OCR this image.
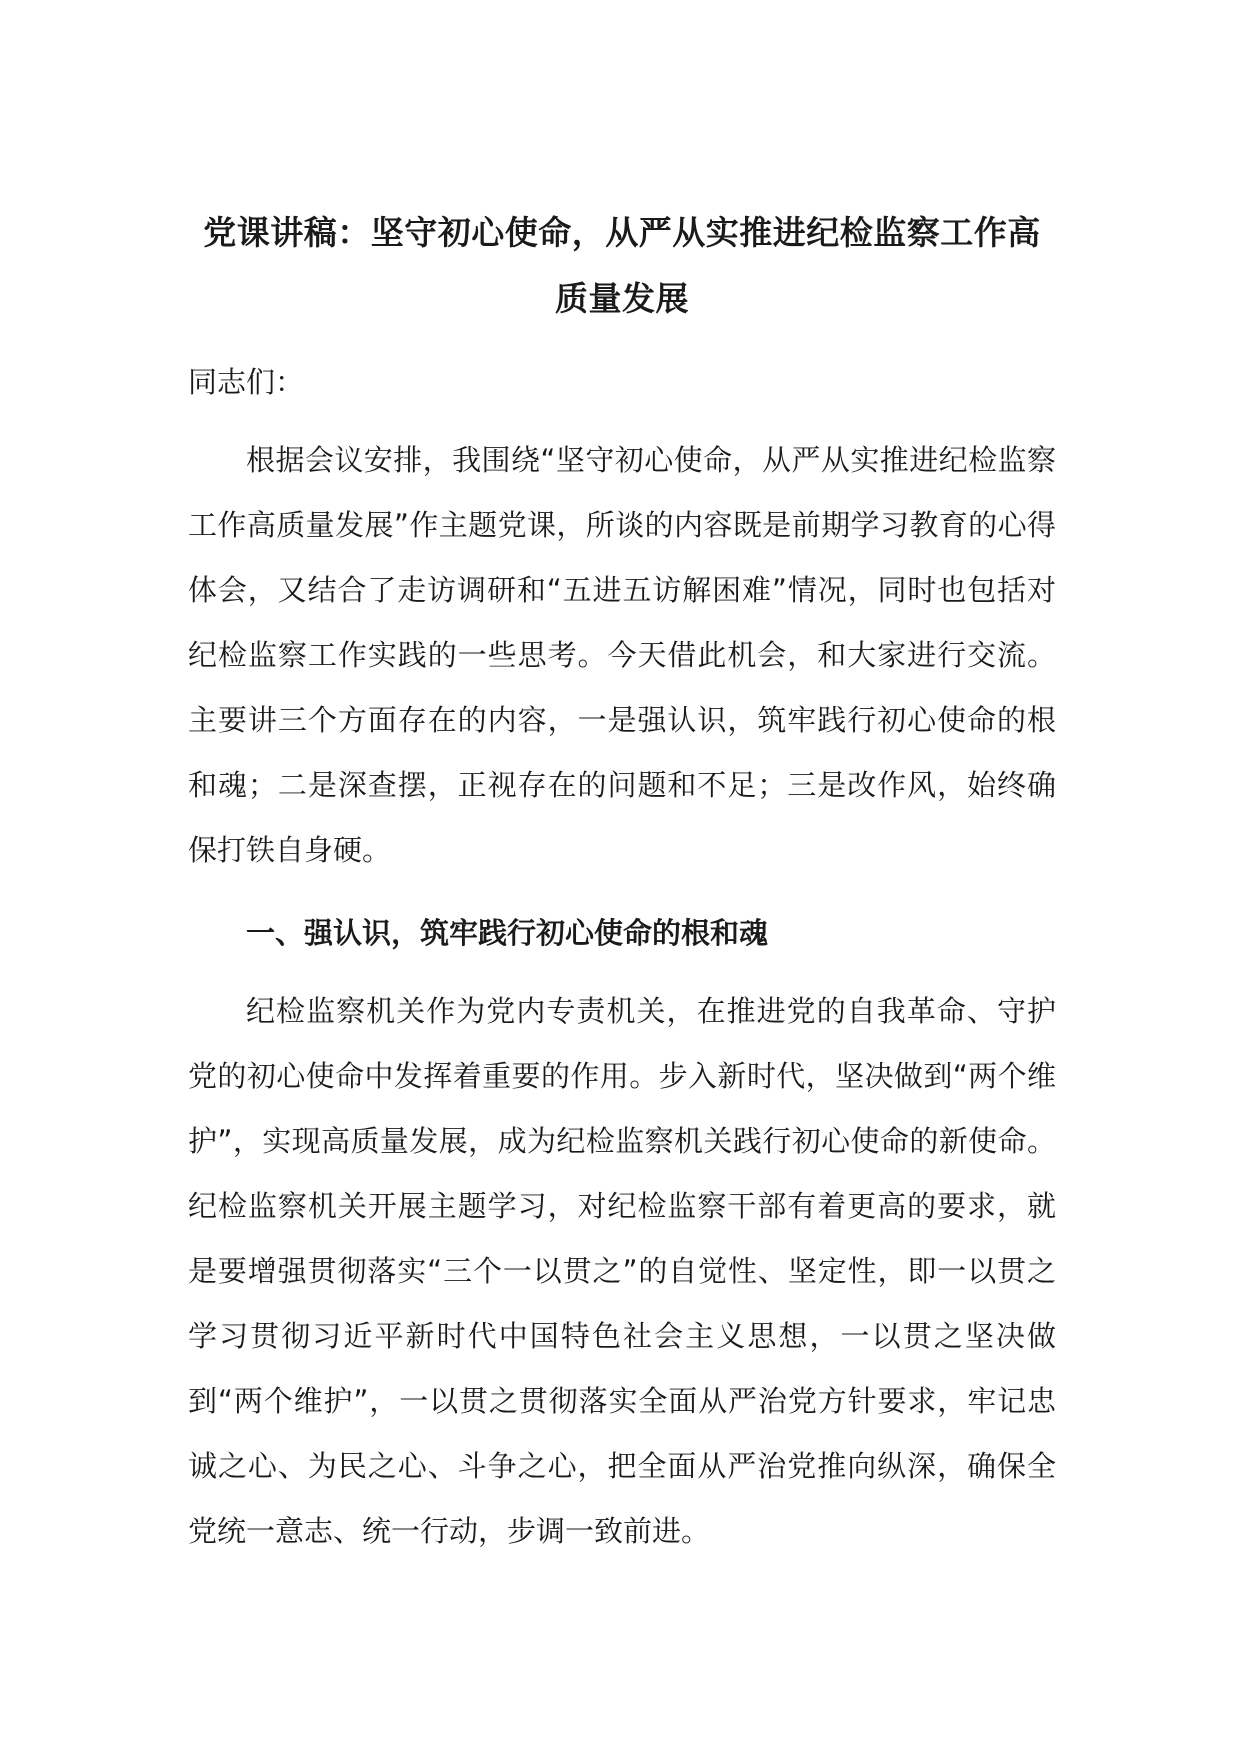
党课讲稿：坚守初心使命，从严从实推进纪检监察工作高
质量发展

同志们：

根据会议安排，我围绕“坚守初心使命，从严从实推进纪检监察工作高质量发展”作主题党课，所谈的内容既是前期学习教育的心得体会，又结合了走访调研和“五进五访解困难”情况，同时也包括对纪检监察工作实践的一些思考。今天借此机会，和大家进行交流。主要讲三个方面存在的内容，一是强认识，筑牢践行初心使命的根和魂；二是深查摆，正视存在的问题和不足；三是改作风，始终确保打铁自身硬。

一、强认识，筑牢践行初心使命的根和魂

纪检监察机关作为党内专责机关，在推进党的自我革命、守护党的初心使命中发挥着重要的作用。步入新时代，坚决做到“两个维护”，实现高质量发展，成为纪检监察机关践行初心使命的新使命。纪检监察机关开展主题学习，对纪检监察干部有着更高的要求，就是要增强贯彻落实“三个一以贯之”的自觉性、坚定性，即一以贯之学习贯彻习近平新时代中国特色社会主义思想，一以贯之坚决做到“两个维护”，一以贯之贯彻落实全面从严治党方针要求，牢记忠诚之心、为民之心、斗争之心，把全面从严治党推向纵深，确保全党统一意志、统一行动，步调一致前进。
